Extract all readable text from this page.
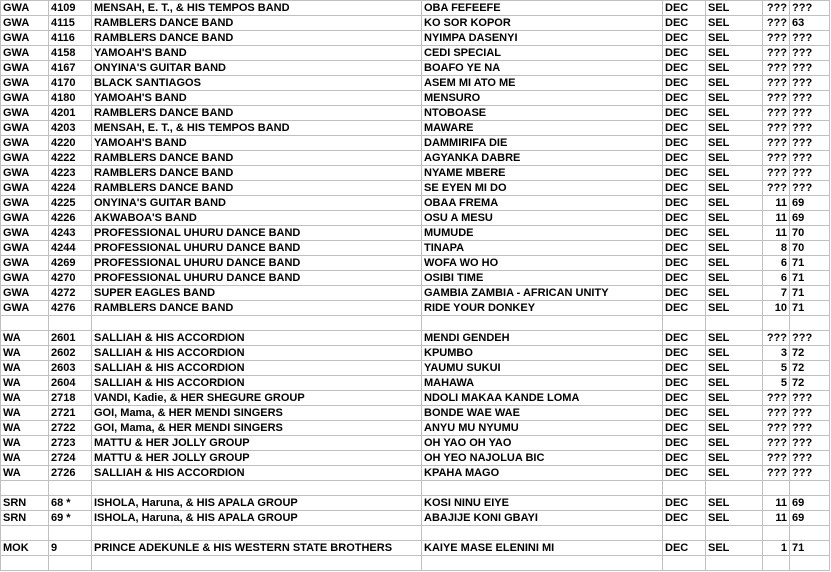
GWA	4109	MENSAH, E. T., & HIS TEMPOS BAND	OBA FEFEEFE	DEC	SEL	???	???
GWA	4115	RAMBLERS DANCE BAND	KO SOR KOPOR	DEC	SEL	???	63
GWA	4116	RAMBLERS DANCE BAND	NYIMPA DASENYI	DEC	SEL	???	???
GWA	4158	YAMOAH'S BAND	CEDI SPECIAL	DEC	SEL	???	???
GWA	4167	ONYINA'S GUITAR BAND	BOAFO YE NA	DEC	SEL	???	???
GWA	4170	BLACK SANTIAGOS	ASEM MI ATO ME	DEC	SEL	???	???
GWA	4180	YAMOAH'S BAND	MENSURO	DEC	SEL	???	???
GWA	4201	RAMBLERS DANCE BAND	NTOBOASE	DEC	SEL	???	???
GWA	4203	MENSAH, E. T., & HIS TEMPOS BAND	MAWARE	DEC	SEL	???	???
GWA	4220	YAMOAH'S BAND	DAMMIRIFA DIE	DEC	SEL	???	???
GWA	4222	RAMBLERS DANCE BAND	AGYANKA DABRE	DEC	SEL	???	???
GWA	4223	RAMBLERS DANCE BAND	NYAME MBERE	DEC	SEL	???	???
GWA	4224	RAMBLERS DANCE BAND	SE EYEN MI DO	DEC	SEL	???	???
GWA	4225	ONYINA'S GUITAR BAND	OBAA FREMA	DEC	SEL	11	69
GWA	4226	AKWABOA'S BAND	OSU A MESU	DEC	SEL	11	69
GWA	4243	PROFESSIONAL UHURU DANCE BAND	MUMUDE	DEC	SEL	11	70
GWA	4244	PROFESSIONAL UHURU DANCE BAND	TINAPA	DEC	SEL	8	70
GWA	4269	PROFESSIONAL UHURU DANCE BAND	WOFA WO HO	DEC	SEL	6	71
GWA	4270	PROFESSIONAL UHURU DANCE BAND	OSIBI TIME	DEC	SEL	6	71
GWA	4272	SUPER EAGLES BAND	GAMBIA ZAMBIA - AFRICAN UNITY	DEC	SEL	7	71
GWA	4276	RAMBLERS DANCE BAND	RIDE YOUR DONKEY	DEC	SEL	10	71

WA	2601	SALLIAH & HIS ACCORDION	MENDI GENDEH	DEC	SEL	???	???
WA	2602	SALLIAH & HIS ACCORDION	KPUMBO	DEC	SEL	3	72
WA	2603	SALLIAH & HIS ACCORDION	YAUMU SUKUI	DEC	SEL	5	72
WA	2604	SALLIAH & HIS ACCORDION	MAHAWA	DEC	SEL	5	72
WA	2718	VANDI, Kadie, & HER SHEGURE GROUP	NDOLI MAKAA KANDE LOMA	DEC	SEL	???	???
WA	2721	GOI, Mama, & HER MENDI SINGERS	BONDE WAE WAE	DEC	SEL	???	???
WA	2722	GOI, Mama, & HER MENDI SINGERS	ANYU MU NYUMU	DEC	SEL	???	???
WA	2723	MATTU & HER JOLLY GROUP	OH YAO OH YAO	DEC	SEL	???	???
WA	2724	MATTU & HER JOLLY GROUP	OH YEO NAJOLUA BIC	DEC	SEL	???	???
WA	2726	SALLIAH & HIS ACCORDION	KPAHA MAGO	DEC	SEL	???	???

SRN	68 *	ISHOLA, Haruna, & HIS APALA GROUP	KOSI NINU EIYE	DEC	SEL	11	69
SRN	69 *	ISHOLA, Haruna, & HIS APALA GROUP	ABAJIJE KONI GBAYI	DEC	SEL	11	69

MOK	9	PRINCE ADEKUNLE & HIS WESTERN STATE BROTHERS	KAIYE MASE ELENINI MI	DEC	SEL	1	71
